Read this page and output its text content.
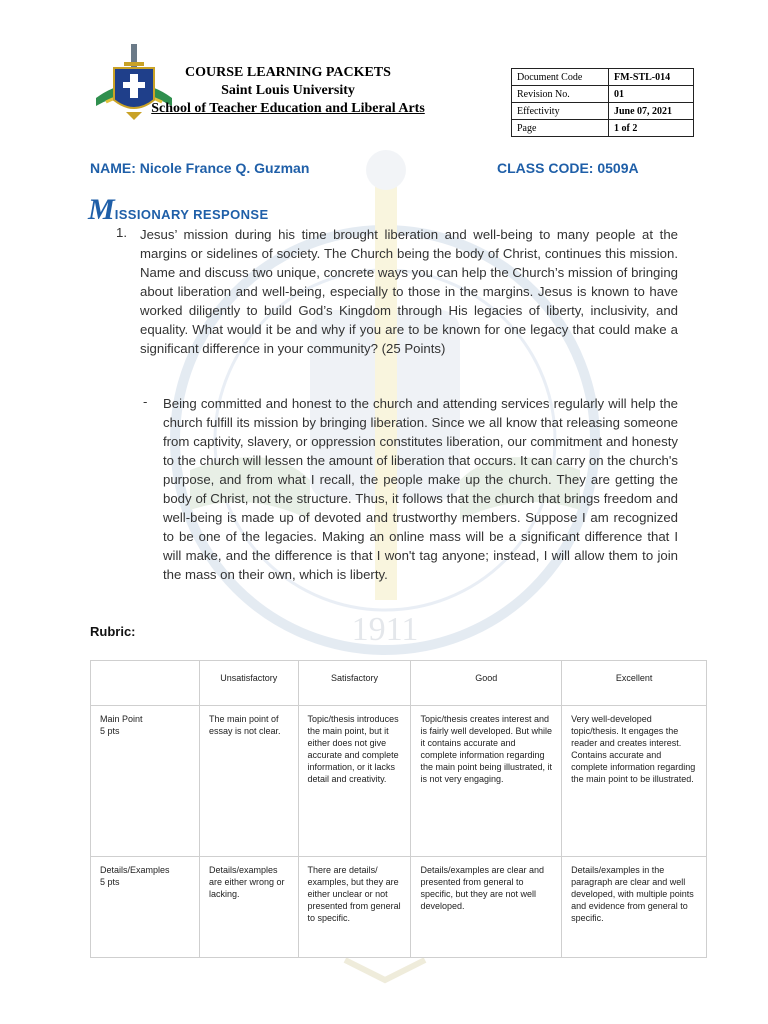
1911
COURSE LEARNING PACKETS
Saint Louis University
School of Teacher Education and Liberal Arts
Document Code	FM-STL-014
Revision No.	01
Effectivity	June 07, 2021
Page	1 of 2
NAME: Nicole France Q. Guzman	CLASS CODE: 0509A
MISSIONARY RESPONSE
1. Jesus’ mission during his time brought liberation and well-being to many people at the margins or sidelines of society. The Church being the body of Christ, continues this mission. Name and discuss two unique, concrete ways you can help the Church’s mission of bringing about liberation and well-being, especially to those in the margins. Jesus is known to have worked diligently to build God’s Kingdom through His legacies of liberty, inclusivity, and equality. What would it be and why if you are to be known for one legacy that could make a significant difference in your community? (25 Points)
- Being committed and honest to the church and attending services regularly will help the church fulfill its mission by bringing liberation. Since we all know that releasing someone from captivity, slavery, or oppression constitutes liberation, our commitment and honesty to the church will lessen the amount of liberation that occurs. It can carry on the church's purpose, and from what I recall, the people make up the church. They are getting the body of Christ, not the structure. Thus, it follows that the church that brings freedom and well-being is made up of devoted and trustworthy members. Suppose I am recognized to be one of the legacies. Making an online mass will be a significant difference that I will make, and the difference is that I won't tag anyone; instead, I will allow them to join the mass on their own, which is liberty.
Rubric:
	Unsatisfactory	Satisfactory	Good	Excellent

Main Point
5 pts	The main point of essay is not clear.	Topic/thesis introduces the main point, but it either does not give accurate and complete information, or it lacks detail and creativity.	Topic/thesis creates interest and is fairly well developed. But while it contains accurate and complete information regarding the main point being illustrated, it is not very engaging.	Very well-developed topic/thesis. It engages the reader and creates interest. Contains accurate and complete information regarding the main point to be illustrated.

Details/Examples
5 pts	Details/examples are either wrong or lacking.	There are details/ examples, but they are either unclear or not presented from general to specific.	Details/examples are clear and presented from general to specific, but they are not well developed.	Details/examples in the paragraph are clear and well developed, with multiple points and evidence from general to specific.
